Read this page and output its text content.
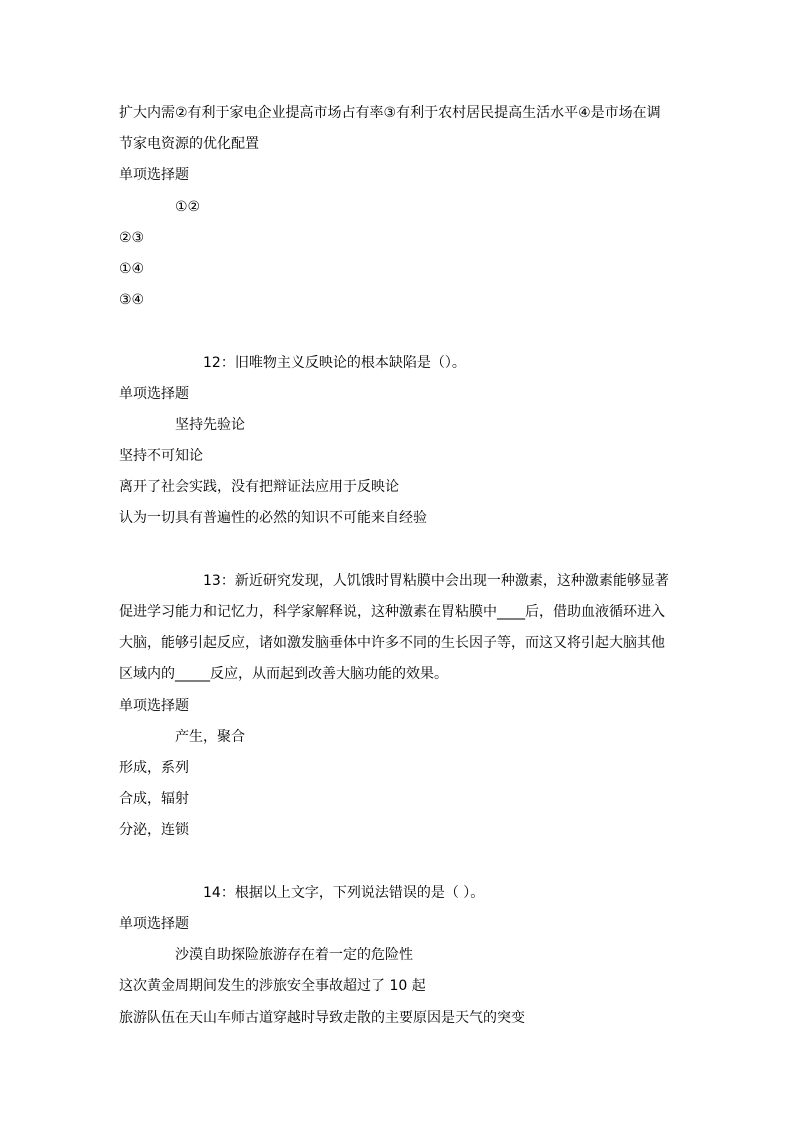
扩大内需②有利于家电企业提高市场占有率③有利于农村居民提高生活水平④是市场在调
节家电资源的优化配置
单项选择题
①②
②③
①④
③④
12：旧唯物主义反映论的根本缺陷是（）。
单项选择题
坚持先验论
坚持不可知论
离开了社会实践，没有把辩证法应用于反映论
认为一切具有普遍性的必然的知识不可能来自经验
13：新近研究发现，人饥饿时胃粘膜中会出现一种激素，这种激素能够显著
促进学习能力和记忆力，科学家解释说，这种激素在胃粘膜中____后，借助血液循环进入
大脑，能够引起反应，诸如激发脑垂体中许多不同的生长因子等，而这又将引起大脑其他
区域内的_____反应，从而起到改善大脑功能的效果。
单项选择题
产生，聚合
形成，系列
合成，辐射
分泌，连锁
14：根据以上文字，下列说法错误的是（ ）。
单项选择题
沙漠自助探险旅游存在着一定的危险性
这次黄金周期间发生的涉旅安全事故超过了 10 起
旅游队伍在天山车师古道穿越时导致走散的主要原因是天气的突变
